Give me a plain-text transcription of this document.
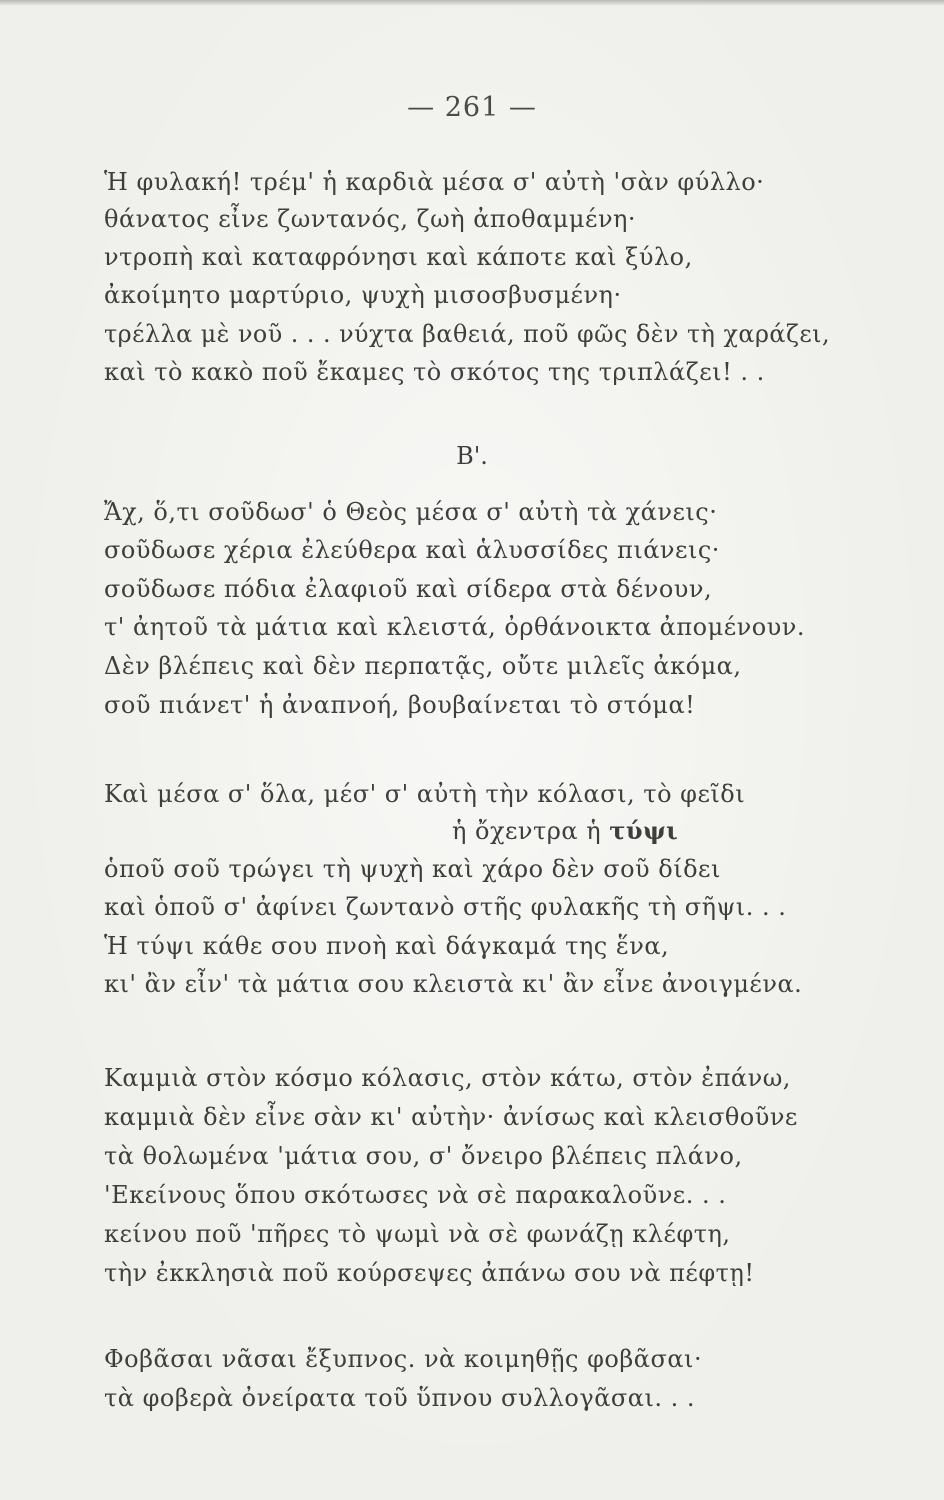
— 261 —
Ἡ φυλακή! τρέμ' ἡ καρδιὰ μέσα σ' αὐτὴ 'σὰν φύλλο·
θάνατος εἶνε ζωντανός, ζωὴ ἀποθαμμένη·
ντροπὴ καὶ καταφρόνησι καὶ κάποτε καὶ ξύλο,
ἀκοίμητο μαρτύριο, ψυχὴ μισοσβυσμένη·
τρέλλα μὲ νοῦ . . . νύχτα βαθειά, ποῦ φῶς δὲν τὴ χαράζει,
καὶ τὸ κακὸ ποῦ ἔκαμες τὸ σκότος της τριπλάζει! . .
Β'.
Ἄχ, ὅ,τι σοῦδωσ' ὁ Θεὸς μέσα σ' αὐτὴ τὰ χάνεις·
σοῦδωσε χέρια ἐλεύθερα καὶ ἁλυσσίδες πιάνεις·
σοῦδωσε πόδια ἐλαφιοῦ καὶ σίδερα στὰ δένουν,
τ' ἀητοῦ τὰ μάτια καὶ κλειστά, ὀρθάνοικτα ἀπομένουν.
Δὲν βλέπεις καὶ δὲν περπατᾷς, οὔτε μιλεῖς ἀκόμα,
σοῦ πιάνετ' ἡ ἀναπνοή, βουβαίνεται τὸ στόμα!
Καὶ μέσα σ' ὅλα, μέσ' σ' αὐτὴ τὴν κόλασι, τὸ φεῖδι
ἡ ὄχεντρα ἡ τύψι
ὁποῦ σοῦ τρώγει τὴ ψυχὴ καὶ χάρο δὲν σοῦ δίδει
καὶ ὁποῦ σ' ἀφίνει ζωντανὸ στῆς φυλακῆς τὴ σῆψι. . .
Ἡ τύψι κάθε σου πνοὴ καὶ δάγκαμά της ἕνα,
κι' ἂν εἶν' τὰ μάτια σου κλειστὰ κι' ἂν εἶνε ἀνοιγμένα.
Καμμιὰ στὸν κόσμο κόλασις, στὸν κάτω, στὸν ἐπάνω,
καμμιὰ δὲν εἶνε σὰν κι' αὐτὴν· ἀνίσως καὶ κλεισθοῦνε
τὰ θολωμένα 'μάτια σου, σ' ὄνειρο βλέπεις πλάνο,
'Εκείνους ὅπου σκότωσες νὰ σὲ παρακαλοῦνε. . .
κείνου ποῦ 'πῆρες τὸ ψωμὶ νὰ σὲ φωνάζῃ κλέφτη,
τὴν ἐκκλησιὰ ποῦ κούρσεψες ἀπάνω σου νὰ πέφτῃ!
Φοβᾶσαι νᾶσαι ἔξυπνος. νὰ κοιμηθῇς φοβᾶσαι·
τὰ φοβερὰ ὀνείρατα τοῦ ὕπνου συλλογᾶσαι. . .
